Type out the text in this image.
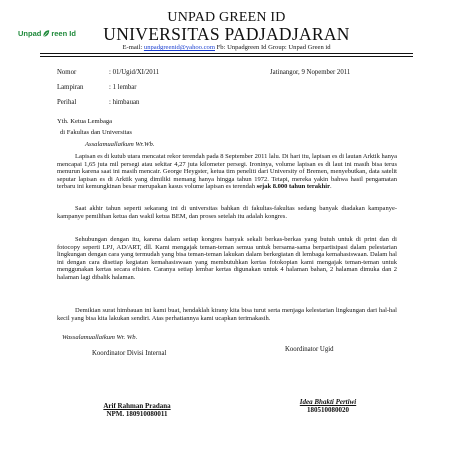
Unpad reen Id
UNPAD GREEN ID
UNIVERSITAS PADJADJARAN
E-mail: unpadgreenid@yahoo.com Fb: Unpadgreen Id Group: Unpad Green id
Nomor	: 01/Ugid/XI/2011	Jatinangor, 9 Nopember 2011
Lampiran	: 1 lembar
Perihal	: himbauan
Yth. Ketua Lembaga
di Fakultas dan Universitas
Assalamuallaikum Wr.Wb.
Lapisan es di kutub utara mencatat rekor terendah pada 8 September 2011 lalu. Di hari itu, lapisan es di lautan Arktik hanya mencapai 1,65 juta mil persegi atau sekitar 4,27 juta kilometer persegi. Ironinya, volume lapisan es di laut ini masih bisa terus menurun karena saat ini masih mencair. George Heygster, ketua tim peneliti dari University of Bremen, menyebutkan, data satelit seputar lapisan es di Arktik yang dimiliki memang hanya hingga tahun 1972. Tetapi, mereka yakin bahwa hasil pengamatan terbaru ini kemungkinan besar merupakan kasus volume lapisan es terendah sejak 8.000 tahun terakhir.
Saat akhir tahun seperti sekarang ini di universitas bahkan di fakultas-fakultas sedang banyak diadakan kampanye-kampanye pemilihan ketua dan wakil ketua BEM, dan proses setelah itu adalah kongres.
Sehubungan dengan itu, karena dalam setiap kongres banyak sekali berkas-berkas yang butuh untuk di print dan di fotocopy seperti LPJ, AD/ART, dll. Kami mengajak teman-teman semua untuk bersama-sama berpartisipasi dalam pelestarian lingkungan dengan cara yang termudah yang bisa teman-teman lakukan dalam berkegiatan di lembaga kemahasiswaan. Dalam hal ini dengan cara disetiap kegiatan kemahasiswaan yang membutuhkan kertas fotokopian kami mengajak teman-teman untuk menggunakan kertas secara efisien. Caranya setiap lembar kertas digunakan untuk 4 halaman bahan, 2 halaman dimuka dan 2 halaman lagi dibalik halaman.
Demikian surat himbauan ini kami buat, hendaklah kirany kita bisa turut serta menjaga kelestarian lingkungan dari hal-hal kecil yang bisa kita lakukan sendiri. Atas perhatiannya kami ucapkan terimakasih.
Wassalamuallaikum Wr. Wb.
Koordinator Divisi Internal
Koordinator Ugid
Arif Rahman Pradana
NPM. 180910080011
Idea Bhakti Pertiwi
180510080020
